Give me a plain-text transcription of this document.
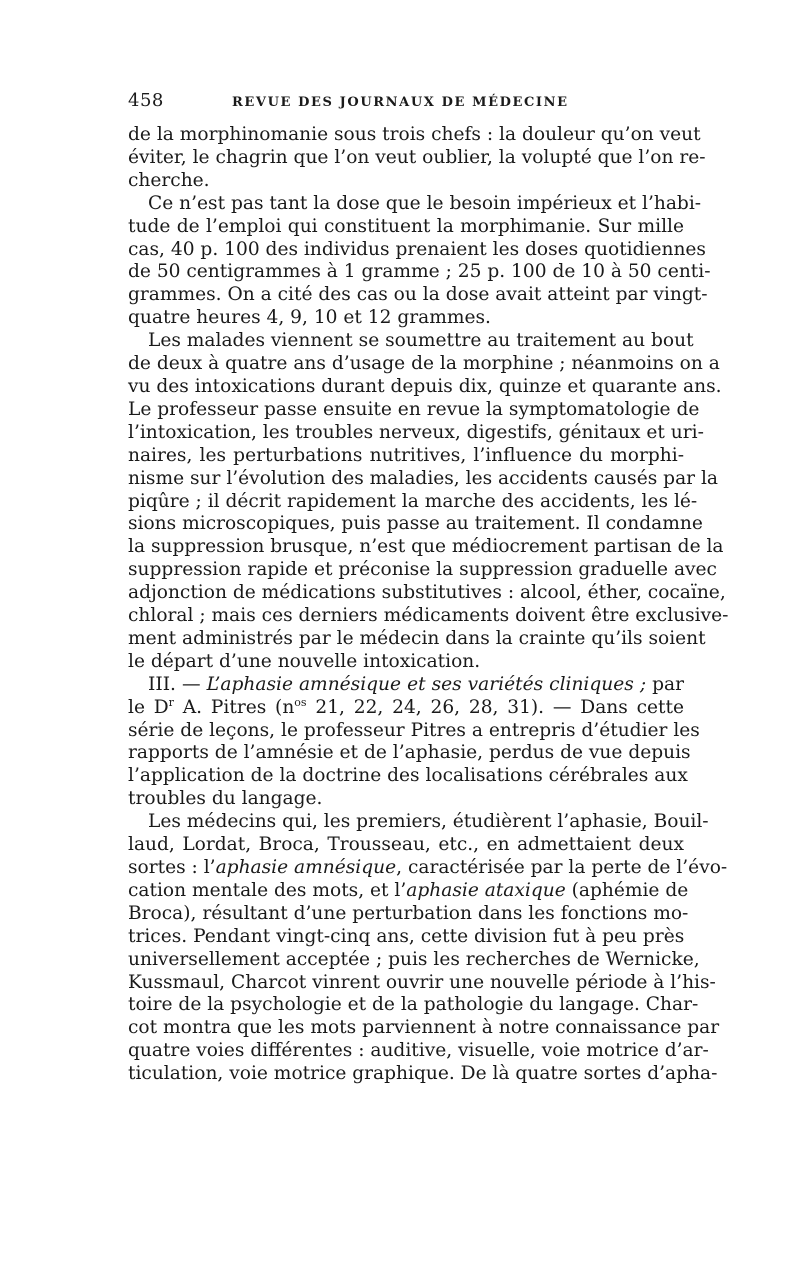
458	REVUE DES JOURNAUX DE MÉDECINE

de la morphinomanie sous trois chefs : la douleur qu’on veut
éviter, le chagrin que l’on veut oublier, la volupté que l’on re-
cherche.
Ce n’est pas tant la dose que le besoin impérieux et l’habi-
tude de l’emploi qui constituent la morphimanie. Sur mille
cas, 40 p. 100 des individus prenaient les doses quotidiennes
de 50 centigrammes à 1 gramme ; 25 p. 100 de 10 à 50 centi-
grammes. On a cité des cas ou la dose avait atteint par vingt-
quatre heures 4, 9, 10 et 12 grammes.
Les malades viennent se soumettre au traitement au bout
de deux à quatre ans d’usage de la morphine ; néanmoins on a
vu des intoxications durant depuis dix, quinze et quarante ans.
Le professeur passe ensuite en revue la symptomatologie de
l’intoxication, les troubles nerveux, digestifs, génitaux et uri-
naires, les perturbations nutritives, l’influence du morphi-
nisme sur l’évolution des maladies, les accidents causés par la
piqûre ; il décrit rapidement la marche des accidents, les lé-
sions microscopiques, puis passe au traitement. Il condamne
la suppression brusque, n’est que médiocrement partisan de la
suppression rapide et préconise la suppression graduelle avec
adjonction de médications substitutives : alcool, éther, cocaïne,
chloral ; mais ces derniers médicaments doivent être exclusive-
ment administrés par le médecin dans la crainte qu’ils soient
le départ d’une nouvelle intoxication.

III. — L’aphasie amnésique et ses variétés cliniques ; par
le $D^r$ A. Pitres ($n^{os}$ 21, 22, 24, 26, 28, 31). — Dans cette
série de leçons, le professeur Pitres a entrepris d’étudier les
rapports de l’amnésie et de l’aphasie, perdus de vue depuis
l’application de la doctrine des localisations cérébrales aux
troubles du langage.

Les médecins qui, les premiers, étudièrent l’aphasie, Bouil-
laud, Lordat, Broca, Trousseau, etc., en admettaient deux
sortes : l’aphasie amnésique, caractérisée par la perte de l’évo-
cation mentale des mots, et l’aphasie ataxique (aphémie de
Broca), résultant d’une perturbation dans les fonctions mo-
trices. Pendant vingt-cinq ans, cette division fut à peu près
universellement acceptée ; puis les recherches de Wernicke,
Kussmaul, Charcot vinrent ouvrir une nouvelle période à l’his-
toire de la psychologie et de la pathologie du langage. Char-
cot montra que les mots parviennent à notre connaissance par
quatre voies différentes : auditive, visuelle, voie motrice d’ar-
ticulation, voie motrice graphique. De là quatre sortes d’apha-
